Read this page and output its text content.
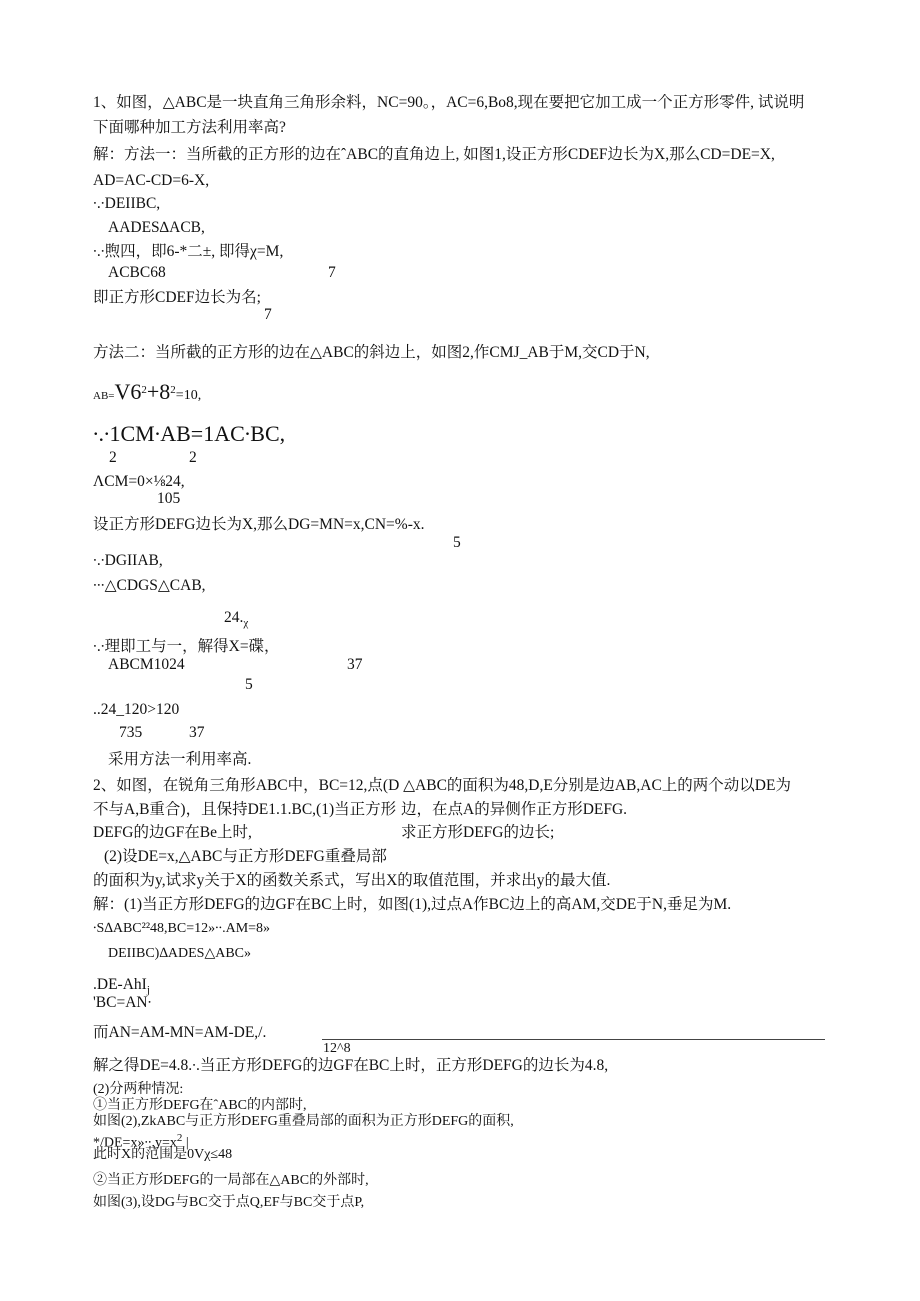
1、如图，△ABC是一块直角三角形余料，NC=90。，AC=6,Bo8,现在要把它加工成一个正方形零件, 试说明
下面哪种加工方法利用率高?
解：方法一：当所截的正方形的边在ˆABC的直角边上, 如图1,设正方形CDEF边长为X,那么CD=DE=X,
AD=AC-CD=6-X,
∙.∙DEIIBC,
AADES∆ACB,
∙.∙煦四，即6-*二±, 即得χ=M,
ACBC68	7
即正方形CDEF边长为名;
7
方法二：当所截的正方形的边在△ABC的斜边上，如图2,作CMJ_AB于M,交CD于N,
$AB=V6^2+8^2=10$,
∙.∙1CM∙AB=1AC∙BC,
2	2
ΛCM=0×⅛24,
105
设正方形DEFG边长为X,那么DG=MN=x,CN=%-x.
5
∙.∙DGIIAB,
∙∙∙△CDGS△CAB,
$24._\chi$
∙.∙理即工与一，解得X=碟，
ABCM1024	37
5
..24_120>120
735	37
采用方法一利用率高.
2、如图，在锐角三角形ABC中，BC=12,点(D △ABC的面积为48,D,E分别是边AB,AC上的两个动以DE为
不与A,B重合)，且保持DE1.1.BC,(1)当正方形 边，在点A的异侧作正方形DEFG.
DEFG的边GF在Be上时,	求正方形DEFG的边长;
(2)设DE=x,△ABC与正方形DEFG重叠局部
的面积为y,试求y关于X的函数关系式，写出X的取值范围，并求出y的最大值.
解：(1)当正方形DEFG的边GF在BC上时，如图(1),过点A作BC边上的高AM,交DE于N,垂足为M.
∙S∆ABC²²48,BC=12»∙∙.AM=8»
DEIIBC)∆ADES△ABC»
.DE-AhI$_j$
'BC=AN∙
而AN=AM-MN=AM-DE,/.
12^8
解之得DE=4.8.∙.当正方形DEFG的边GF在BC上时，正方形DEFG的边长为4.8,
(2)分两种情况:
①当正方形DEFG在ˆABC的内部时,
如图(2),ZkABC与正方形DEFG重叠局部的面积为正方形DEFG的面积,
$*/DE=x»\cdot\cdot.y=x^2$ |
此时X的范围是0Vχ≤48
②当正方形DEFG的一局部在△ABC的外部时,
如图(3),设DG与BC交于点Q,EF与BC交于点P,
